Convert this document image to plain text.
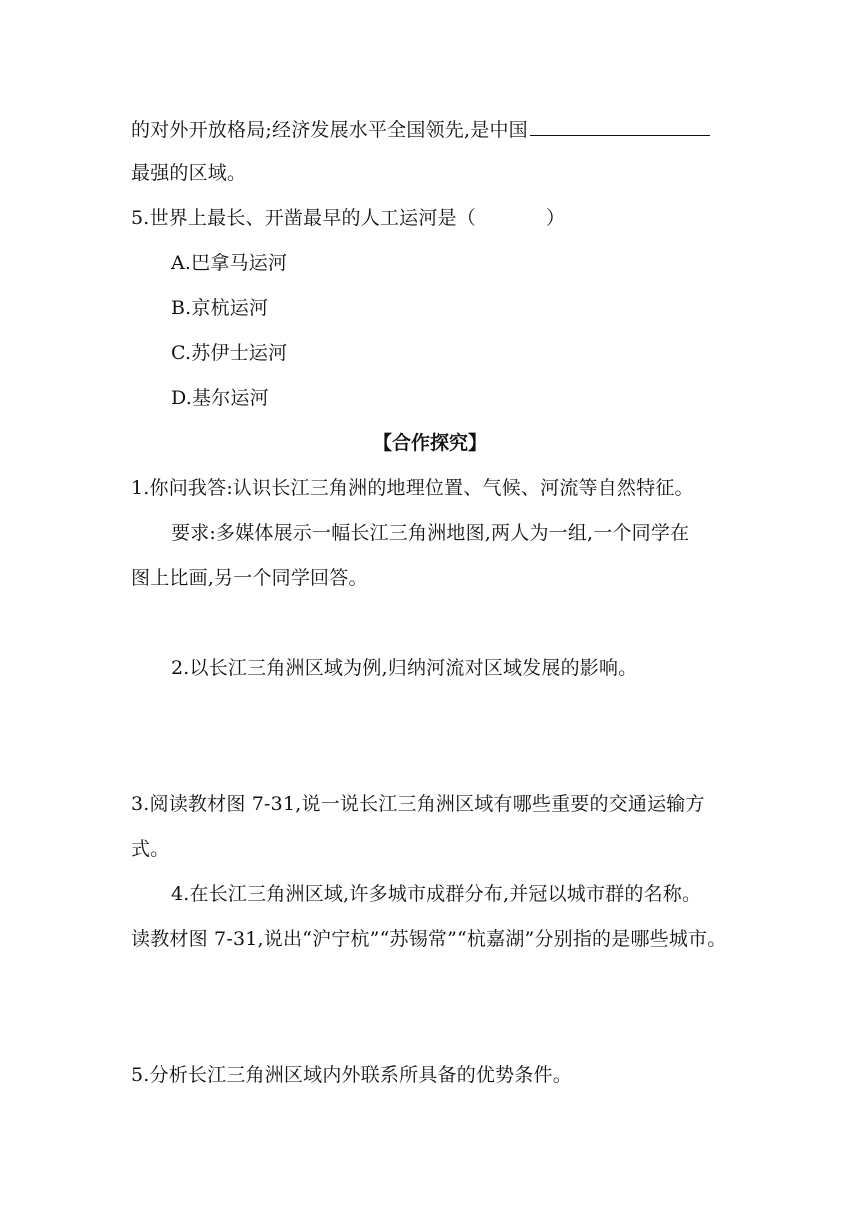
的对外开放格局;经济发展水平全国领先,是中国
最强的区域。
5.世界上最长、开凿最早的人工运河是（	）
A.巴拿马运河
B.京杭运河
C.苏伊士运河
D.基尔运河
【合作探究】
1.你问我答:认识长江三角洲的地理位置、气候、河流等自然特征。
要求:多媒体展示一幅长江三角洲地图,两人为一组,一个同学在
图上比画,另一个同学回答。
2.以长江三角洲区域为例,归纳河流对区域发展的影响。
3.阅读教材图 7-31,说一说长江三角洲区域有哪些重要的交通运输方
式。
4.在长江三角洲区域,许多城市成群分布,并冠以城市群的名称。
读教材图 7-31,说出“沪宁杭”“苏锡常”“杭嘉湖”分别指的是哪些城市。
5.分析长江三角洲区域内外联系所具备的优势条件。
